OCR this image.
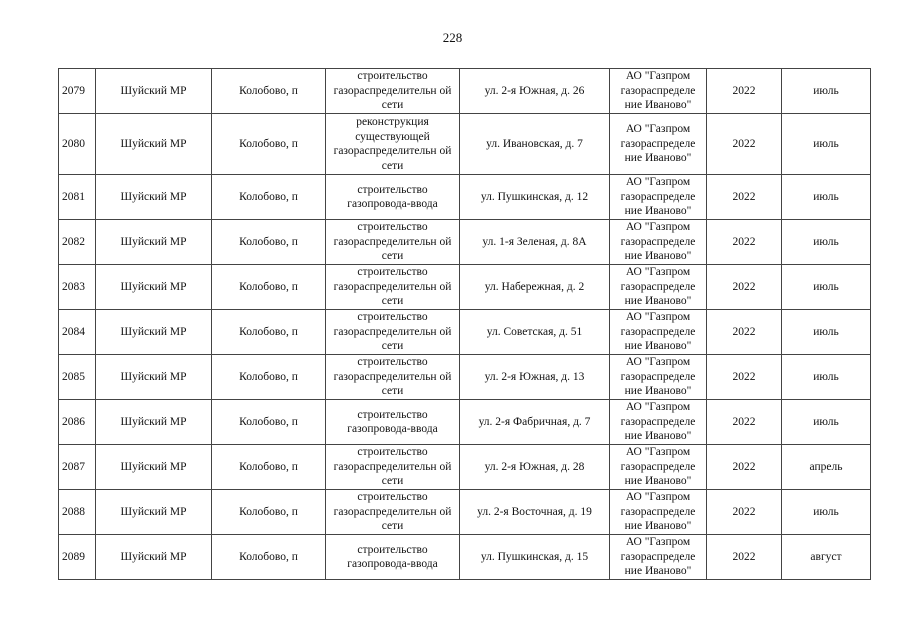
228
2079	Шуйский МР	Колобово, п	строительство газораспределительн ой сети	ул. 2-я Южная, д. 26	АО "Газпром газораспределе ние Иваново"	2022	июль
2080	Шуйский МР	Колобово, п	реконструкция существующей газораспределительн ой сети	ул. Ивановская, д. 7	АО "Газпром газораспределе ние Иваново"	2022	июль
2081	Шуйский МР	Колобово, п	строительство газопровода-ввода	ул. Пушкинская, д. 12	АО "Газпром газораспределе ние Иваново"	2022	июль
2082	Шуйский МР	Колобово, п	строительство газораспределительн ой сети	ул. 1-я Зеленая, д. 8А	АО "Газпром газораспределе ние Иваново"	2022	июль
2083	Шуйский МР	Колобово, п	строительство газораспределительн ой сети	ул. Набережная, д. 2	АО "Газпром газораспределе ние Иваново"	2022	июль
2084	Шуйский МР	Колобово, п	строительство газораспределительн ой сети	ул. Советская, д. 51	АО "Газпром газораспределе ние Иваново"	2022	июль
2085	Шуйский МР	Колобово, п	строительство газораспределительн ой сети	ул. 2-я Южная, д. 13	АО "Газпром газораспределе ние Иваново"	2022	июль
2086	Шуйский МР	Колобово, п	строительство газопровода-ввода	ул. 2-я Фабричная, д. 7	АО "Газпром газораспределе ние Иваново"	2022	июль
2087	Шуйский МР	Колобово, п	строительство газораспределительн ой сети	ул. 2-я Южная, д. 28	АО "Газпром газораспределе ние Иваново"	2022	апрель
2088	Шуйский МР	Колобово, п	строительство газораспределительн ой сети	ул. 2-я Восточная, д. 19	АО "Газпром газораспределе ние Иваново"	2022	июль
2089	Шуйский МР	Колобово, п	строительство газопровода-ввода	ул. Пушкинская, д. 15	АО "Газпром газораспределе ние Иваново"	2022	август
